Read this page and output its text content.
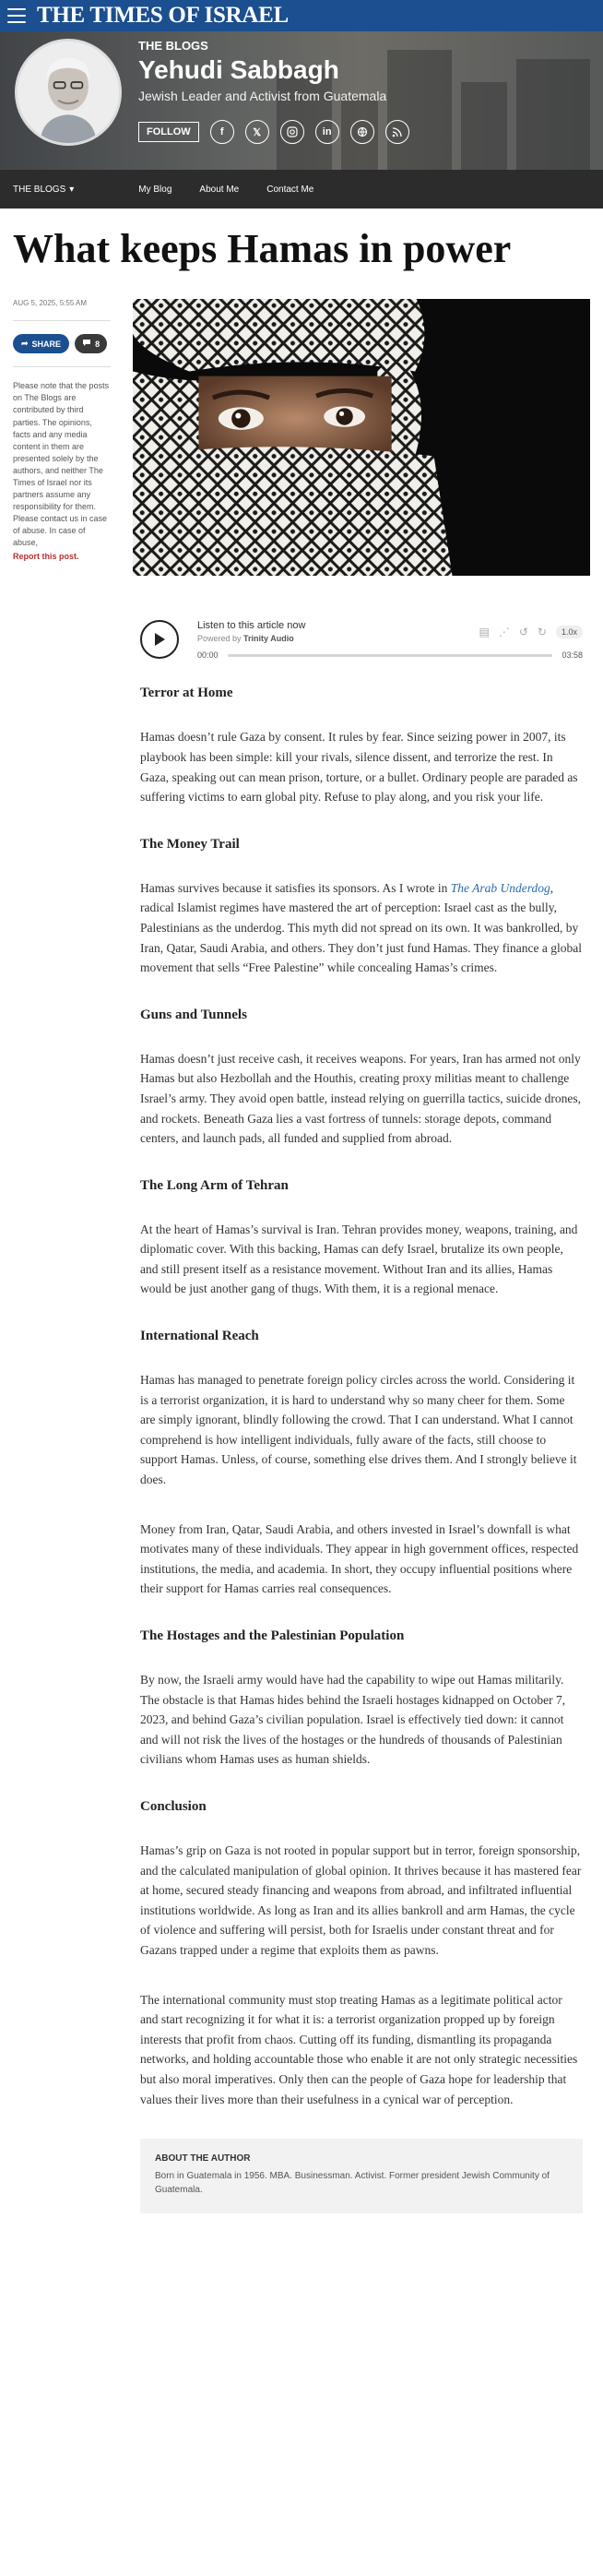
THE TIMES OF ISRAEL
THE BLOGS
Yehudi Sabbagh
Jewish Leader and Activist from Guatemala
FOLLOW	f	𝕏	in
THE BLOGS ▾	My Blog	About Me	Contact Me
What keeps Hamas in power
AUG 5, 2025, 5:55 AM
➦ SHARE	8
Please note that the posts on The Blogs are contributed by third parties. The opinions, facts and any media content in them are presented solely by the authors, and neither The Times of Israel nor its partners assume any responsibility for them. Please contact us in case of abuse. In case of abuse,
Report this post.
Listen to this article now
Powered by Trinity Audio
▤ ⋰ ↺ ↻	1.0x
00:00	03:58
Terror at Home

Hamas doesn’t rule Gaza by consent. It rules by fear. Since seizing power in 2007, its playbook has been simple: kill your rivals, silence dissent, and terrorize the rest. In Gaza, speaking out can mean prison, torture, or a bullet. Ordinary people are paraded as suffering victims to earn global pity. Refuse to play along, and you risk your life.

The Money Trail

Hamas survives because it satisfies its sponsors. As I wrote in The Arab Underdog, radical Islamist regimes have mastered the art of perception: Israel cast as the bully, Palestinians as the underdog. This myth did not spread on its own. It was bankrolled, by Iran, Qatar, Saudi Arabia, and others. They don’t just fund Hamas. They finance a global movement that sells “Free Palestine” while concealing Hamas’s crimes.

Guns and Tunnels

Hamas doesn’t just receive cash, it receives weapons. For years, Iran has armed not only Hamas but also Hezbollah and the Houthis, creating proxy militias meant to challenge Israel’s army. They avoid open battle, instead relying on guerrilla tactics, suicide drones, and rockets. Beneath Gaza lies a vast fortress of tunnels: storage depots, command centers, and launch pads, all funded and supplied from abroad.

The Long Arm of Tehran

At the heart of Hamas’s survival is Iran. Tehran provides money, weapons, training, and diplomatic cover. With this backing, Hamas can defy Israel, brutalize its own people, and still present itself as a resistance movement. Without Iran and its allies, Hamas would be just another gang of thugs. With them, it is a regional menace.

International Reach

Hamas has managed to penetrate foreign policy circles across the world. Considering it is a terrorist organization, it is hard to understand why so many cheer for them. Some are simply ignorant, blindly following the crowd. That I can understand. What I cannot comprehend is how intelligent individuals, fully aware of the facts, still choose to support Hamas. Unless, of course, something else drives them. And I strongly believe it does.

Money from Iran, Qatar, Saudi Arabia, and others invested in Israel’s downfall is what motivates many of these individuals. They appear in high government offices, respected institutions, the media, and academia. In short, they occupy influential positions where their support for Hamas carries real consequences.

The Hostages and the Palestinian Population

By now, the Israeli army would have had the capability to wipe out Hamas militarily. The obstacle is that Hamas hides behind the Israeli hostages kidnapped on October 7, 2023, and behind Gaza’s civilian population. Israel is effectively tied down: it cannot and will not risk the lives of the hostages or the hundreds of thousands of Palestinian civilians whom Hamas uses as human shields.

Conclusion

Hamas’s grip on Gaza is not rooted in popular support but in terror, foreign sponsorship, and the calculated manipulation of global opinion. It thrives because it has mastered fear at home, secured steady financing and weapons from abroad, and infiltrated influential institutions worldwide. As long as Iran and its allies bankroll and arm Hamas, the cycle of violence and suffering will persist, both for Israelis under constant threat and for Gazans trapped under a regime that exploits them as pawns.

The international community must stop treating Hamas as a legitimate political actor and start recognizing it for what it is: a terrorist organization propped up by foreign interests that profit from chaos. Cutting off its funding, dismantling its propaganda networks, and holding accountable those who enable it are not only strategic necessities but also moral imperatives. Only then can the people of Gaza hope for leadership that values their lives more than their usefulness in a cynical war of perception.

ABOUT THE AUTHOR
Born in Guatemala in 1956. MBA. Businessman. Activist. Former president Jewish Community of Guatemala.
